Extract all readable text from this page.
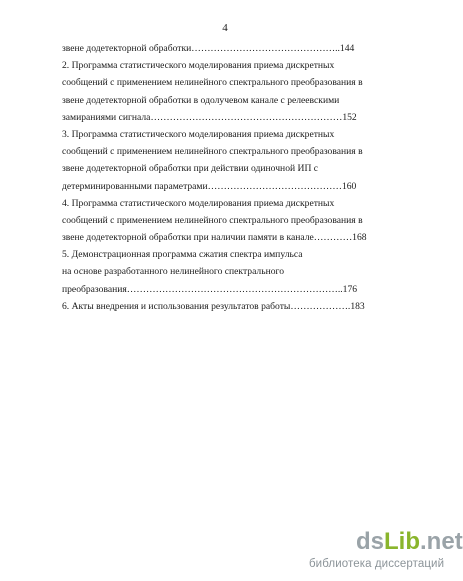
4
звене додетекторной обработки………………………………………..144
2. Программа статистического моделирования приема дискретных
сообщений с применением нелинейного спектрального преобразования в
звене додетекторной обработки в одолучевом канале с релеевскими
замираниями сигнала……………………………………………………152
3. Программа статистического моделирования приема дискретных
сообщений с применением нелинейного спектрального преобразования в
звене додетекторной обработки при действии одиночной ИП с
детерминированными параметрами……………………………………160
4. Программа статистического моделирования приема дискретных
сообщений с применением нелинейного спектрального преобразования в
звене додетекторной обработки при наличии памяти в канале…………168
5. Демонстрационная программа сжатия спектра импульса
на основе разработанного нелинейного спектрального
преобразования…………………………………………………………..176
6. Акты внедрения и использования результатов работы……………….183
dsLib.net
библиотека диссертаций
